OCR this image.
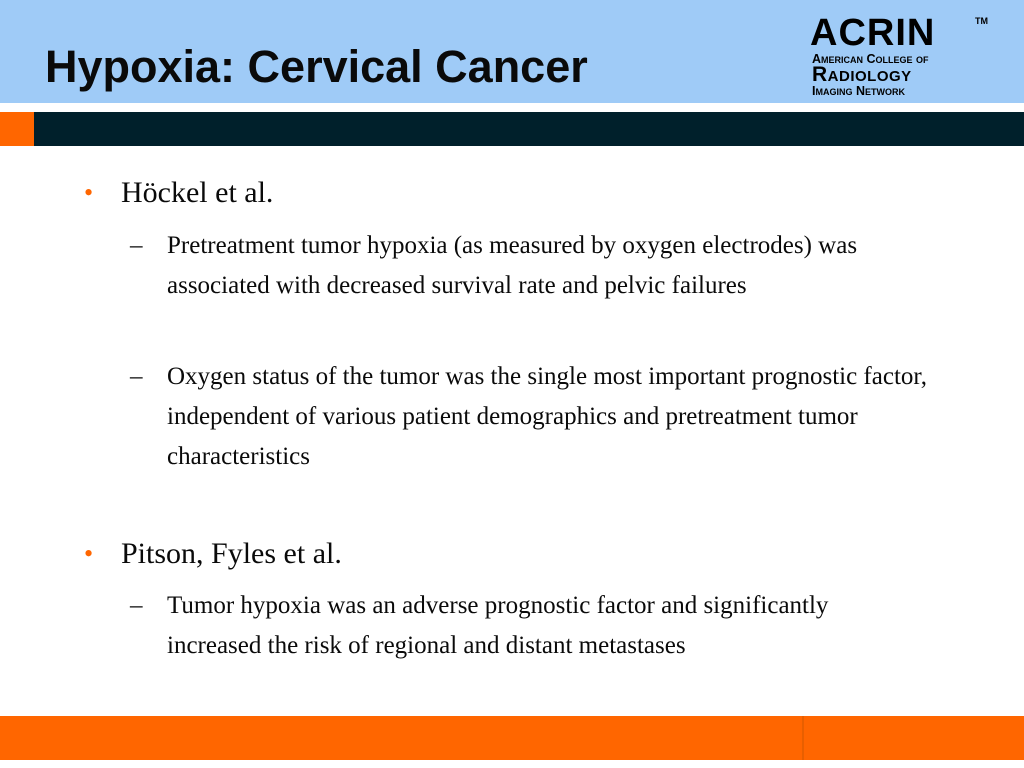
Hypoxia: Cervical Cancer
ACRIN	TM
American College of
Radiology
Imaging Network
• Höckel et al.
– Pretreatment tumor hypoxia (as measured by oxygen electrodes) was associated with decreased survival rate and pelvic failures
– Oxygen status of the tumor was the single most important prognostic factor, independent of various patient demographics and pretreatment tumor characteristics
• Pitson, Fyles et al.
– Tumor hypoxia was an adverse prognostic factor and significantly increased the risk of regional and distant metastases
